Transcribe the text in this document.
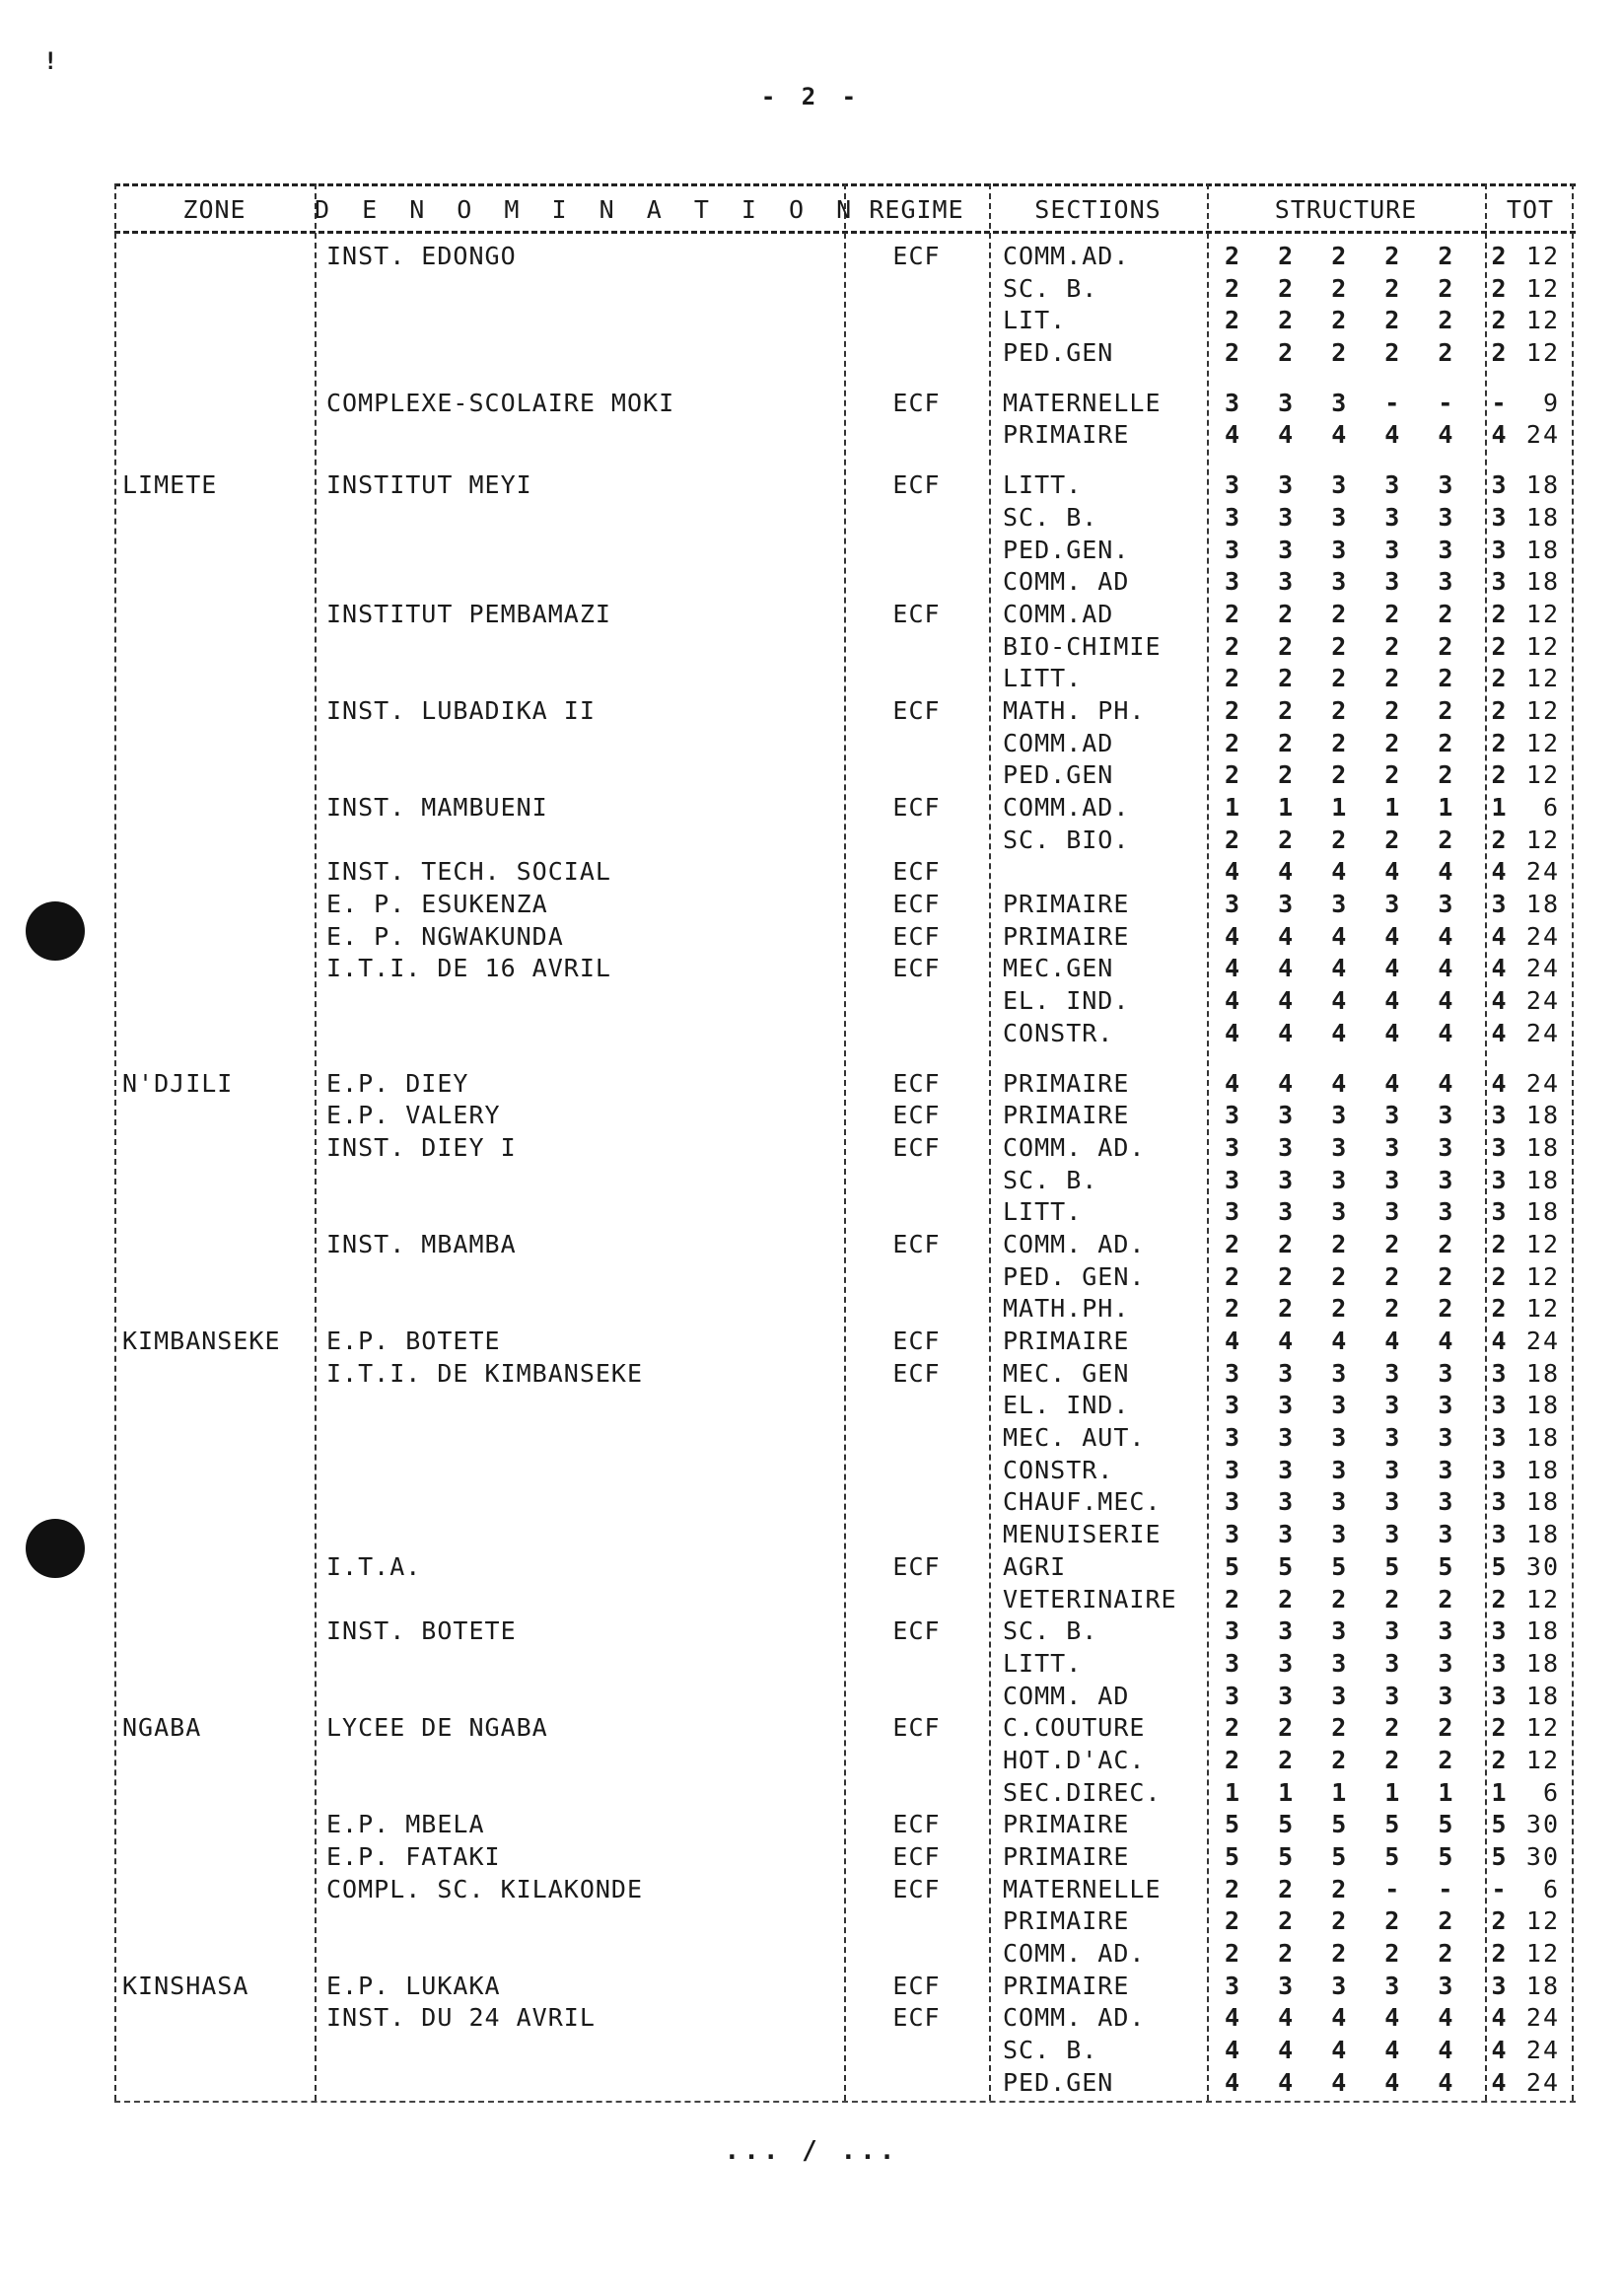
!
- 2 -
ZONE	D E N O M I N A T I O N REGIME	SECTIONS	STRUCTURE	TOT
INST. EDONGO	ECF	COMM.AD.	2 2 2 2 2 2 12
SC. B.	2 2 2 2 2 2 12
LIT.	2 2 2 2 2 2 12
PED.GEN	2 2 2 2 2 2 12
COMPLEXE-SCOLAIRE MOKI	ECF	MATERNELLE	3 3 3 - - -	9
PRIMAIRE	4 4 4 4 4 4 24
LIMETE	INSTITUT MEYI	ECF	LITT.	3 3 3 3 3 3 18
SC. B.	3 3 3 3 3 3 18
PED.GEN.	3 3 3 3 3 3 18
COMM. AD	3 3 3 3 3 3 18
INSTITUT PEMBAMAZI	ECF	COMM.AD	2 2 2 2 2 2 12
BIO-CHIMIE	2 2 2 2 2 2 12
LITT.	2 2 2 2 2 2 12
INST. LUBADIKA II	ECF	MATH. PH.	2 2 2 2 2 2 12
COMM.AD	2 2 2 2 2 2 12
PED.GEN	2 2 2 2 2 2 12
INST. MAMBUENI	ECF	COMM.AD.	1 1 1 1 1 1	6
SC. BIO.	2 2 2 2 2 2 12
INST. TECH. SOCIAL	ECF	4 4 4 4 4 4 24
E. P. ESUKENZA	ECF	PRIMAIRE	3 3 3 3 3 3 18
E. P. NGWAKUNDA	ECF	PRIMAIRE	4 4 4 4 4 4 24
I.T.I. DE 16 AVRIL	ECF	MEC.GEN	4 4 4 4 4 4 24
EL. IND.	4 4 4 4 4 4 24
CONSTR.	4 4 4 4 4 4 24
N'DJILI	E.P. DIEY	ECF	PRIMAIRE	4 4 4 4 4 4 24
E.P. VALERY	ECF	PRIMAIRE	3 3 3 3 3 3 18
INST. DIEY I	ECF	COMM. AD.	3 3 3 3 3 3 18
SC. B.	3 3 3 3 3 3 18
LITT.	3 3 3 3 3 3 18
INST. MBAMBA	ECF	COMM. AD.	2 2 2 2 2 2 12
PED. GEN.	2 2 2 2 2 2 12
MATH.PH.	2 2 2 2 2 2 12
KIMBANSEKE	E.P. BOTETE	ECF	PRIMAIRE	4 4 4 4 4 4 24
I.T.I. DE KIMBANSEKE	ECF	MEC. GEN	3 3 3 3 3 3 18
EL. IND.	3 3 3 3 3 3 18
MEC. AUT.	3 3 3 3 3 3 18
CONSTR.	3 3 3 3 3 3 18
CHAUF.MEC.	3 3 3 3 3 3 18
MENUISERIE	3 3 3 3 3 3 18
I.T.A.	ECF	AGRI	5 5 5 5 5 5 30
VETERINAIRE	2 2 2 2 2 2 12
INST. BOTETE	ECF	SC. B.	3 3 3 3 3 3 18
LITT.	3 3 3 3 3 3 18
COMM. AD	3 3 3 3 3 3 18
NGABA	LYCEE DE NGABA	ECF	C.COUTURE	2 2 2 2 2 2 12
HOT.D'AC.	2 2 2 2 2 2 12
SEC.DIREC.	1 1 1 1 1 1	6
E.P. MBELA	ECF	PRIMAIRE	5 5 5 5 5 5 30
E.P. FATAKI	ECF	PRIMAIRE	5 5 5 5 5 5 30
COMPL. SC. KILAKONDE	ECF	MATERNELLE	2 2 2 - - -	6
PRIMAIRE	2 2 2 2 2 2 12
COMM. AD.	2 2 2 2 2 2 12
KINSHASA	E.P. LUKAKA	ECF	PRIMAIRE	3 3 3 3 3 3 18
INST. DU 24 AVRIL	ECF	COMM. AD.	4 4 4 4 4 4 24
SC. B.	4 4 4 4 4 4 24
PED.GEN	4 4 4 4 4 4 24
... / ...
